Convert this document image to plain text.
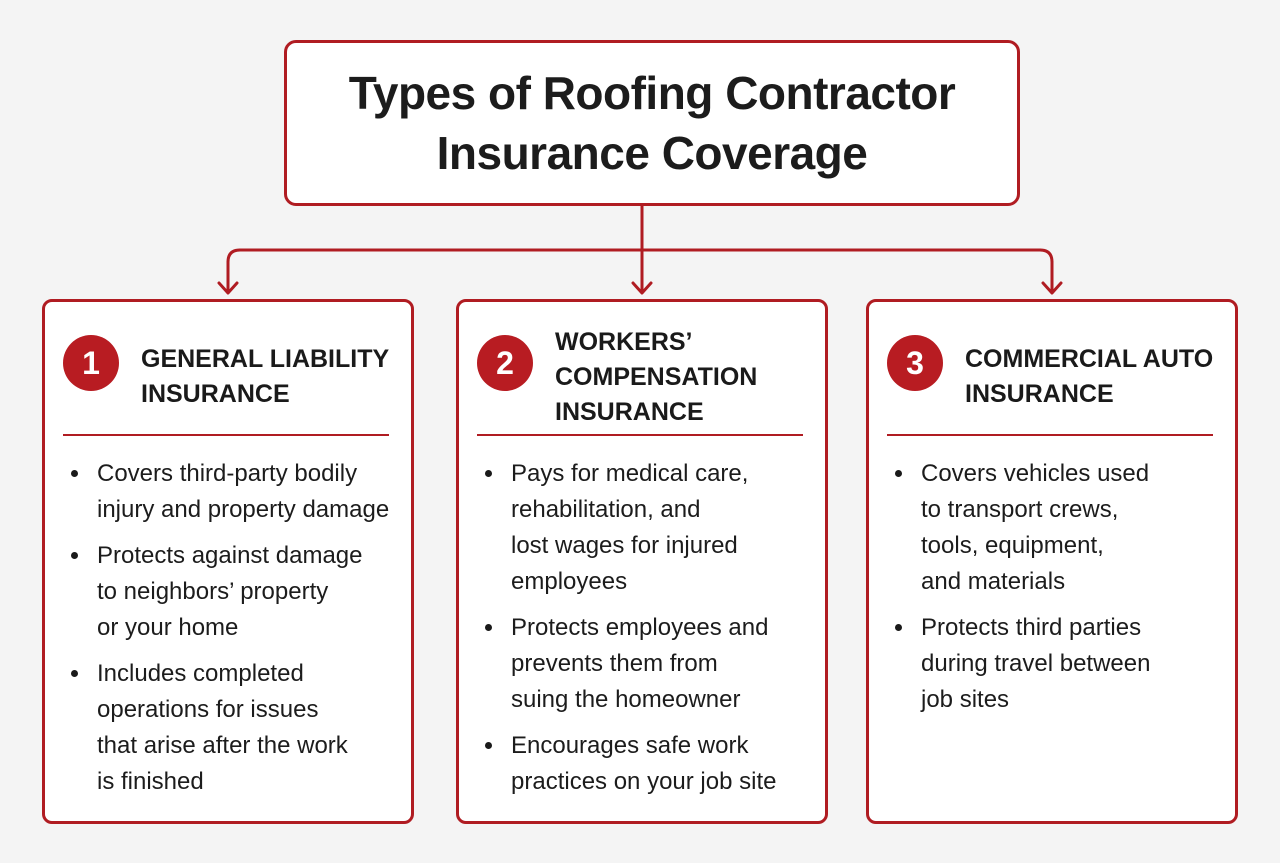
Types of Roofing Contractor
Insurance Coverage
1	GENERAL LIABILITY
INSURANCE
Covers third-party bodily
injury and property damage
Protects against damage
to neighbors’ property
or your home
Includes completed
operations for issues
that arise after the work
is finished
2
WORKERS’
COMPENSATION
INSURANCE
Pays for medical care,
rehabilitation, and
lost wages for injured
employees
Protects employees and
prevents them from
suing the homeowner
Encourages safe work
practices on your job site
3	COMMERCIAL AUTO
INSURANCE
Covers vehicles used
to transport crews,
tools, equipment,
and materials
Protects third parties
during travel between
job sites
